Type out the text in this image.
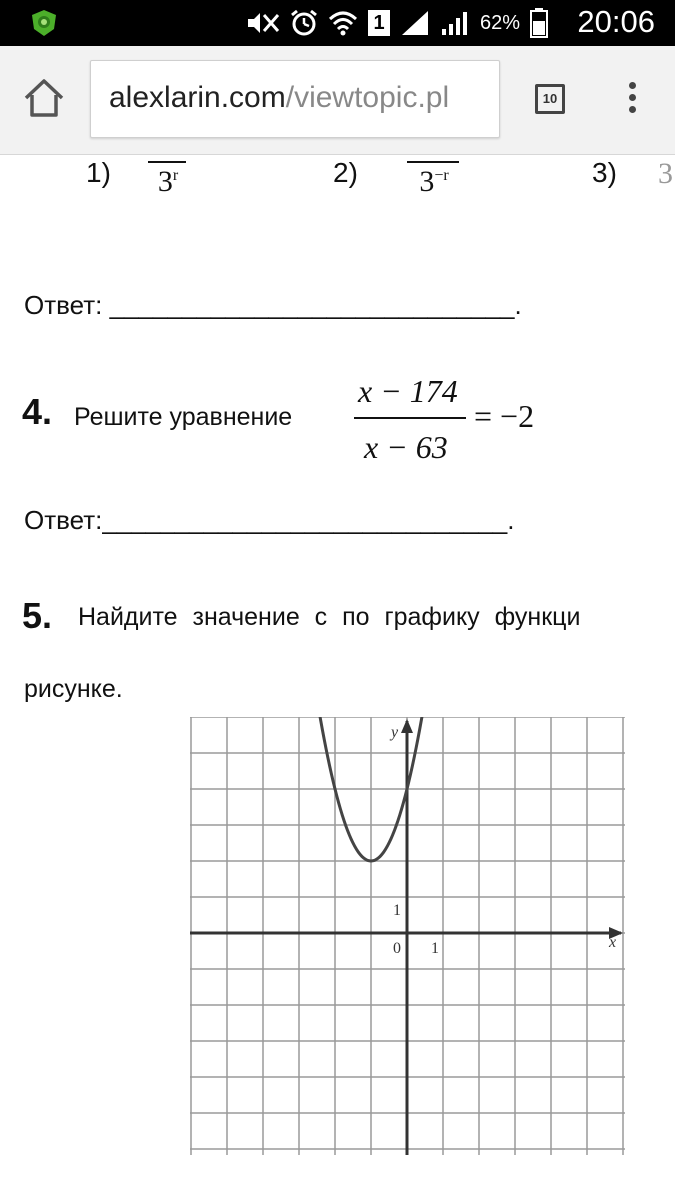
1	62% 20:06
alexlarin.com/viewtopic.pl	10
1)	3$^r$	2)	$3^{-r}$	3) 3
Ответ: ____________________________.
4. Решите уравнение
x − 174
x − 63
= −2
Ответ:____________________________.
5. Найдите значение с по графику функци
рисунке.
y
x
0 1
1
